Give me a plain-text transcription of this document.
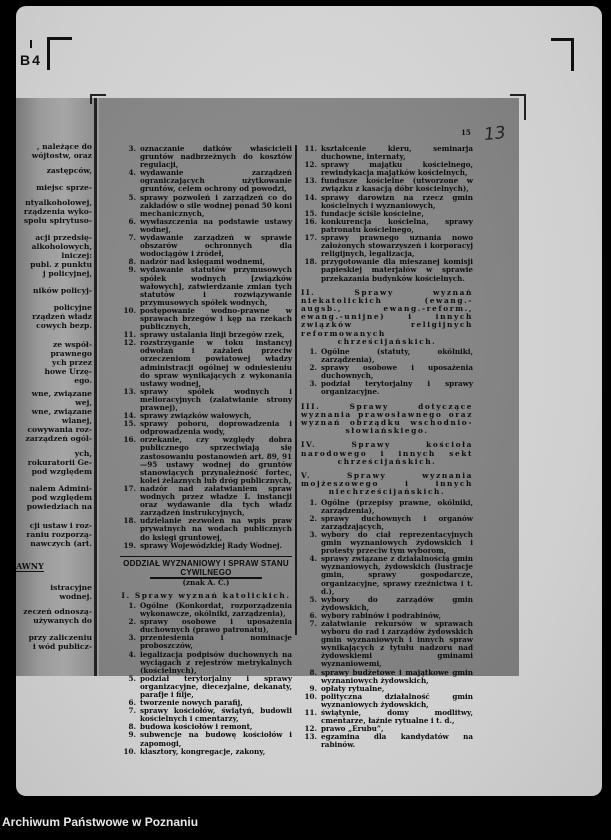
B4
, należące do
wójtostw, oraz
zastępców,
miejsc sprze-
ntyalkoholowej,
rządzenia wyko-
spolu spirytuso-
acji przedsię-
alkoholowych,
lniczej:
publ. z punktu
j policyjnej,
ników policyj-
policyjne
rządzeń władz
cowych bezp.
ze współ-
prawnego
ych przez
howe Urzę-
ego.
wne, związane
wej,
wne, związane
wlanej,
cowywania roz-
zarządzeń ogól-
ych,
rokuratorii Ge-
pod względem
nalem Admini-
pod względem
powiedziach na
cji ustaw i roz-
raniu rozporzą-
nawczych (art.
AWNY
istracyjne
wodnej.
zeczeń odnoszą-
używanych do
przy zaliczeniu
i wód publicz-
15 13
3. oznaczanie datków właścicieli gruntów nadbrzeżnych do kosztów regulacji,
4. wydawanie zarządzeń ograniczających użytkowanie gruntów, celem ochrony od powodzi,
5. sprawy pozwoleń i zarządzeń co do zakładów o sile wodnej ponad 50 koni mechanicznych,
6. wywłaszczenia na podstawie ustawy wodnej,
7. wydawanie zarządzeń w sprawie obszarów ochronnych dla wodociągów i źródeł,
8. nadzór nad księgami wodnemi,
9. wydawanie statutów przymusowych spółek wodnych [związków wałowych], zatwierdzanie zmian tych statutów i rozwiązywanie przymusowych spółek wodnych,
10. postępowanie wodno-prawne w sprawach brzegów i kęp na rzekach publicznych,
11. sprawy ustalania linji brzegów rzek,
12. rozstrzyganie w toku instancyj odwołań i zażaleń przeciw orzeczeniom powiatowej władzy administracji ogólnej w odniesieniu do spraw wynikających z wykonania ustawy wodnej,
13. sprawy spółek wodnych i melioracyjnych (załatwianie strony prawnej),
14. sprawy związków wałowych,
15. sprawy poboru, doprowadzenia i odprowadzenia wody,
16. orzekanie, czy względy dobra publicznego sprzeciwiają się zastosowaniu postanowień art. 89, 91—95 ustawy wodnej do gruntów stanowiących przynależność fortec, kolei żelaznych lub dróg publicznych,
17. nadzór nad załatwianiem spraw wodnych przez władze I. instancji oraz wydawanie dla tych władz zarządzeń instrukcyjnych,
18. udzielanie zezwoleń na wpis praw prywatnych na wodach publicznych do księgi gruntowej,
19. sprawy Wojewódzkiej Rady Wodnej.
ODDZIAŁ WYZNANIOWY I SPRAW STANU
CYWILNEGO
(znak A. C.)
I. Sprawy wyznań katolickich.
1. Ogólne (Konkordat, rozporządzenia wykonawcze, okólniki, zarządzenia),
2. sprawy osobowe i uposażenia duchownych (prawo patronatu),
3. przeniesienia i nominacje proboszczów,
4. legalizacja podpisów duchownych na wyciągach z rejestrów metrykalnych (kościelnych),
5. podział terytorjalny i sprawy organizacyjne, diecezjalne, dekanaty, parafje i filje,
6. tworzenie nowych parafij,
7. sprawy kościołów, świątyń, budowli kościelnych i cmentarzy,
8. budowa kościołów i remont,
9. subwencje na budowę kościołów i zapomogi,
10. klasztory, kongregacje, zakony,
11. kształcenie kleru, seminarja duchowne, internaty,
12. sprawy majątku kościelnego, rewindykacja majątków kościelnych,
13. fundusze kościelne (utworzone w związku z kasacją dóbr kościelnych),
14. sprawy darowizn na rzecz gmin kościelnych i wyznaniowych,
15. fundacje ściśle kościelne,
16. konkurencja kościelna, sprawy patronatu kościelnego,
17. sprawy prawnego uznania nowo założonych stowarzyszeń i korporacyj religijnych, legalizacja,
18. przygotowanie dla mieszanej komisji papieskiej materjałów w sprawie przekazania budynków kościelnych.
II. Sprawy wyznań niekatolickich (ewang.-augsb., ewang.-reform., ewang.-unijne) i innych związków religijnych reformowanych chrześcijańskich.
1. Ogólne (statuty, okólniki, zarządzenia),
2. sprawy osobowe i uposażenia duchownych,
3. podział terytorjalny i sprawy organizacyjne.
III. Sprawy dotyczące wyznania prawosławnego oraz wyznań obrządku wschodnio-słowiańskiego.
IV. Sprawy kościoła narodowego i innych sekt chrześcijańskich.
V. Sprawy wyznania mojżeszowego i innych niechrześcijańskich.
1. Ogólne (przepisy prawne, okólniki, zarządzenia),
2. sprawy duchownych i organów zarządzających,
3. wybory do ciał reprezentacyjnych gmin wyznaniowych żydowskich i protesty przeciw tym wyborom,
4. sprawy związane z działalnością gmin wyznaniowych, żydowskich (lustracje gmin, sprawy gospodarcze, organizacyjne, sprawy rzeźnictwa i t. d.),
5. wybory do zarządów gmin żydowskich,
6. wybory rabinów i podrabinów,
7. załatwianie rekursów w sprawach wyboru do rad i zarządów żydowskich gmin wyznaniowych i innych spraw wynikających z tytułu nadzoru nad żydowskiemi gminami wyznaniowemi,
8. sprawy budżetowe i majątkowe gmin wyznaniowych żydowskich,
9. opłaty rytualne,
10. polityczna działalność gmin wyznaniowych żydowskich,
11. świątynie, domy modlitwy, cmentarze, łaźnie rytualne i t. d.,
12. prawo „Erubu”,
13. egzamina dla kandydatów na rabinów.
Archiwum Państwowe w Poznaniu
